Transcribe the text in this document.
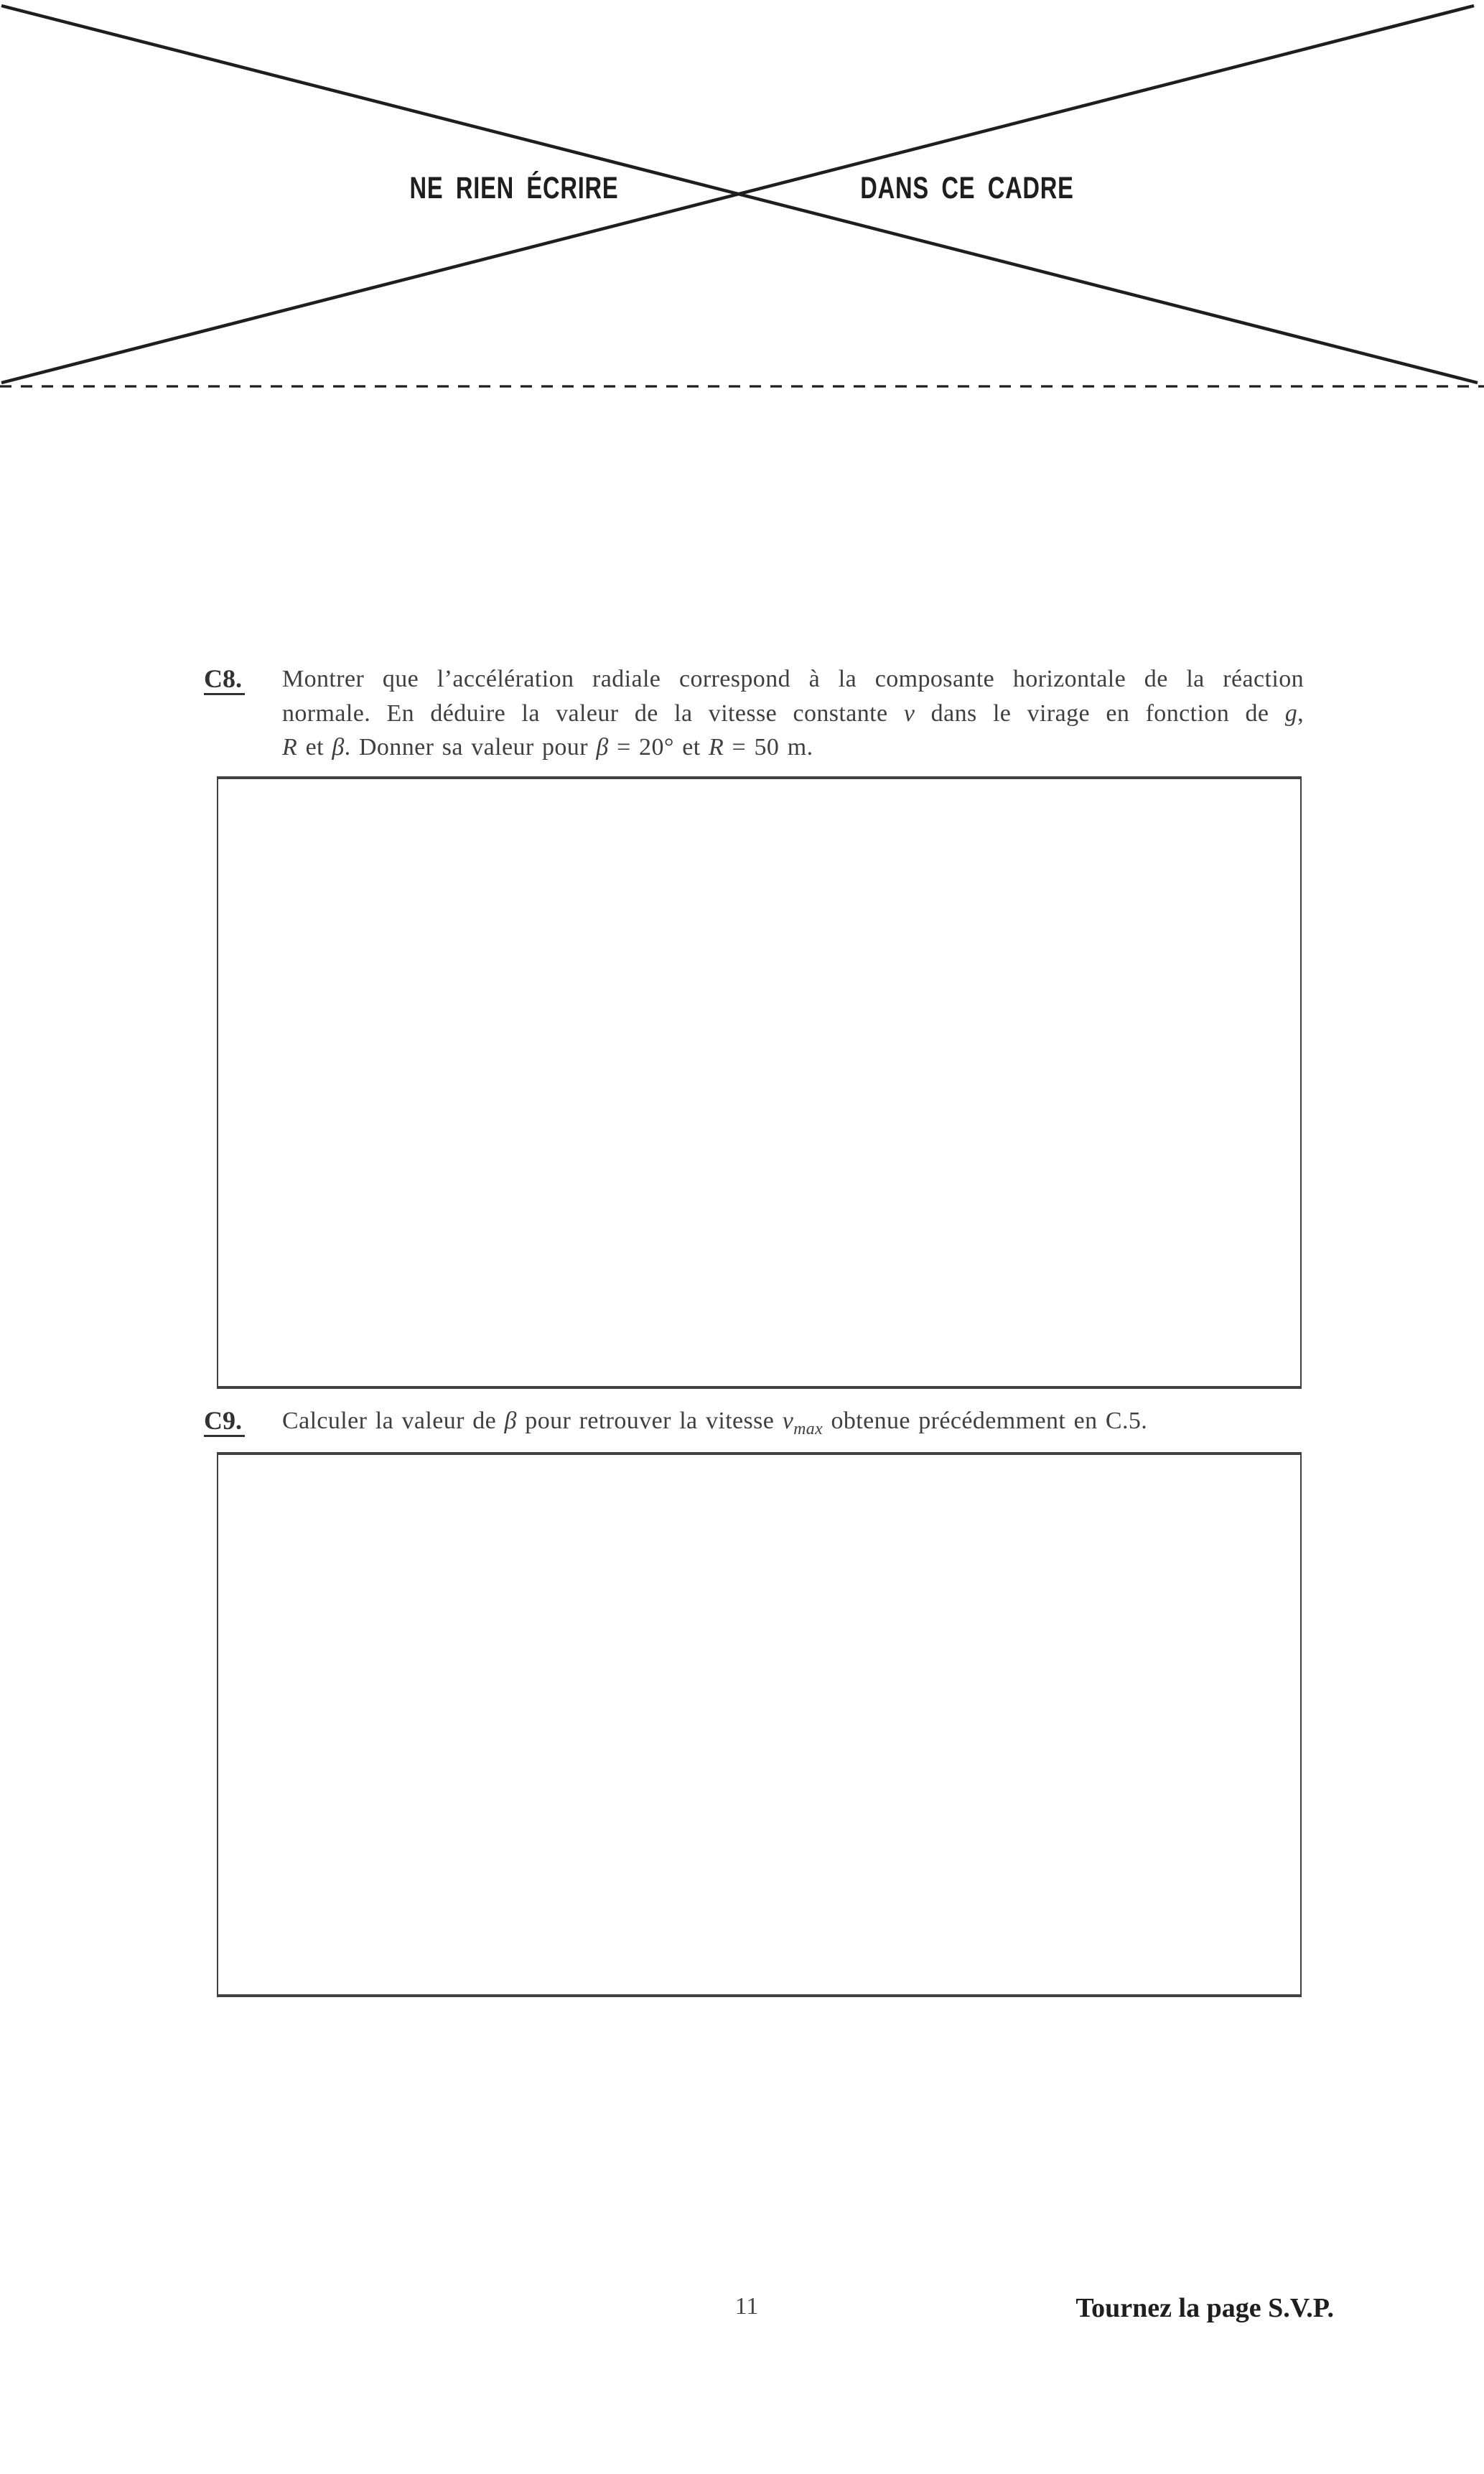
NE RIEN ÉCRIRE	DANS CE CADRE
C8. Montrer que l’accélération radiale correspond à la composante horizontale de la réaction
normale. En déduire la valeur de la vitesse constante v dans le virage en fonction de g,
R et β. Donner sa valeur pour β = 20° et R = 50 m.
C9. Calculer la valeur de β pour retrouver la vitesse $v_{max}$ obtenue précédemment en C.5.
11	Tournez la page S.V.P.
